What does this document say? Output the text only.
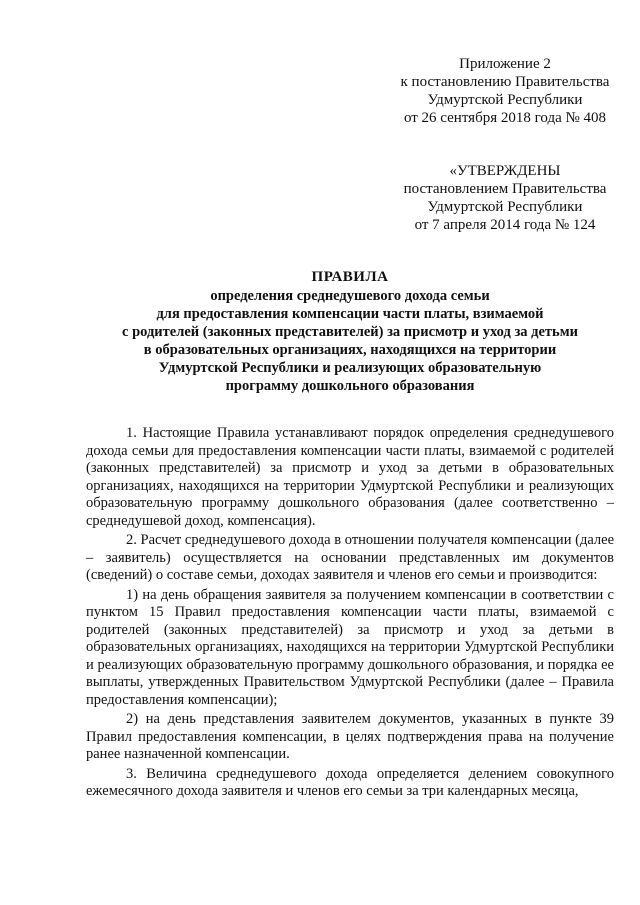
Приложение 2
к постановлению Правительства
Удмуртской Республики
от 26 сентября 2018 года № 408
«УТВЕРЖДЕНЫ
постановлением Правительства
Удмуртской Республики
от 7 апреля 2014 года № 124
ПРАВИЛА
определения среднедушевого дохода семьи
для предоставления компенсации части платы, взимаемой
с родителей (законных представителей) за присмотр и уход за детьми
в образовательных организациях, находящихся на территории
Удмуртской Республики и реализующих образовательную
программу дошкольного образования

1. Настоящие Правила устанавливают порядок определения среднедушевого дохода семьи для предоставления компенсации части платы, взимаемой с родителей (законных представителей) за присмотр и уход за детьми в образовательных организациях, находящихся на территории Удмуртской Республики и реализующих образовательную программу дошкольного образования (далее соответственно – среднедушевой доход, компенсация).

2. Расчет среднедушевого дохода в отношении получателя компенсации (далее – заявитель) осуществляется на основании представленных им документов (сведений) о составе семьи, доходах заявителя и членов его семьи и производится:

1) на день обращения заявителя за получением компенсации в соответствии с пунктом 15 Правил предоставления компенсации части платы, взимаемой с родителей (законных представителей) за присмотр и уход за детьми в образовательных организациях, находящихся на территории Удмуртской Республики и реализующих образовательную программу дошкольного образования, и порядка ее выплаты, утвержденных Правительством Удмуртской Республики (далее – Правила предоставления компенсации);

2) на день представления заявителем документов, указанных в пункте 39 Правил предоставления компенсации, в целях подтверждения права на получение ранее назначенной компенсации.

3. Величина среднедушевого дохода определяется делением совокупного ежемесячного дохода заявителя и членов его семьи за три календарных месяца,
